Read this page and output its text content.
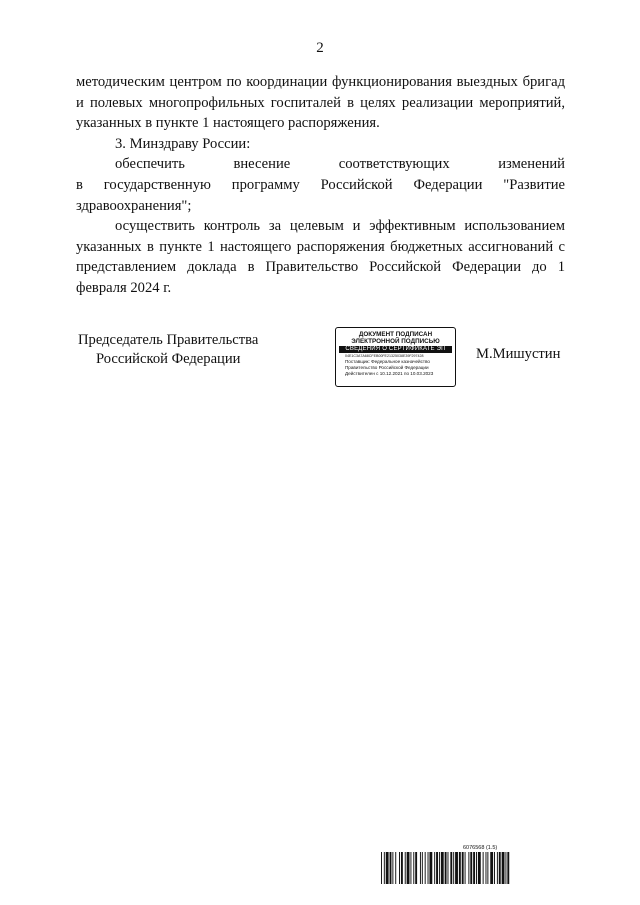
2

методическим центром по координации функционирования выездных бригад и полевых многопрофильных госпиталей в целях реализации мероприятий, указанных в пункте 1 настоящего распоряжения.

3. Минздраву России:

обеспечить внесение соответствующих изменений

в государственную программу Российской Федерации "Развитие здравоохранения";

осуществить контроль за целевым и эффективным использованием указанных в пункте 1 настоящего распоряжения бюджетных ассигнований с представлением доклада в Правительство Российской Федерации до 1 февраля 2024 г.

Председатель Правительства
Российской Федерации
ДОКУМЕНТ ПОДПИСАН
ЭЛЕКТРОННОЙ ПОДПИСЬЮ
СВЕДЕНИЯ О СЕРТИФИКАТЕ ЭП
04E1C3A7A68CFEB00FE21325038E39F297428
Поставщик: Федеральное казначейство
Правительство Российской Федерации
Действителен с 10.12.2021 по 10.03.2023
М.Мишустин
6076568 (1.5)
